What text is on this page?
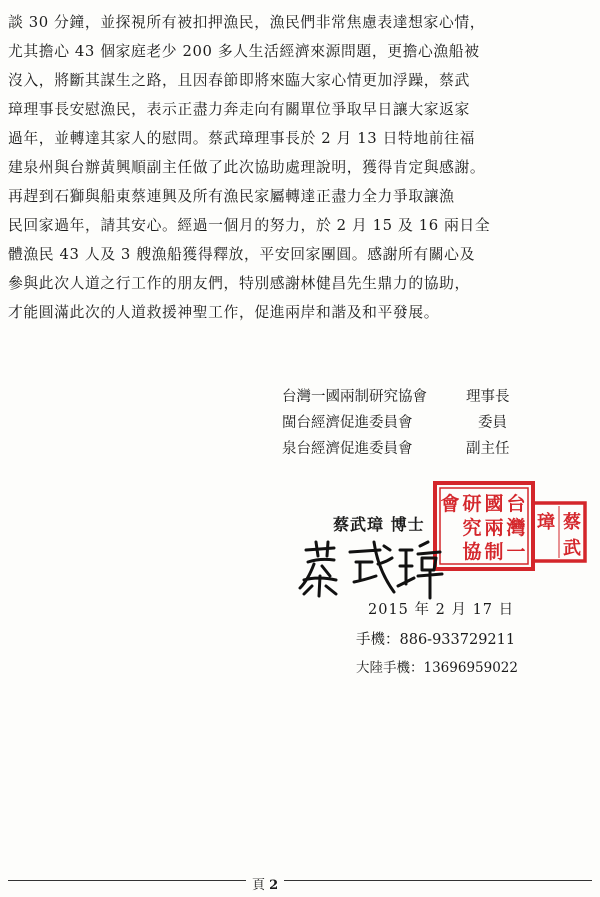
談 30 分鐘，並探視所有被扣押漁民，漁民們非常焦慮表達想家心情，
尤其擔心 43 個家庭老少 200 多人生活經濟來源問題，更擔心漁船被
沒入，將斷其謀生之路，且因春節即將來臨大家心情更加浮躁，蔡武
璋理事長安慰漁民，表示正盡力奔走向有關單位爭取早日讓大家返家
過年，並轉達其家人的慰問。蔡武璋理事長於 2 月 13 日特地前往福
建泉州與台辦黃興順副主任做了此次協助處理說明，獲得肯定與感謝。
再趕到石獅與船東蔡連興及所有漁民家屬轉達正盡力全力爭取讓漁
民回家過年，請其安心。經過一個月的努力，於 2 月 15 及 16 兩日全
體漁民 43 人及 3 艘漁船獲得釋放，平安回家團圓。感謝所有關心及
參與此次人道之行工作的朋友們，特別感謝林健昌先生鼎力的協助，
才能圓滿此次的人道救援神聖工作，促進兩岸和諧及和平發展。
台灣一國兩制研究協會	理事長
閩台經濟促進委員會	委員
泉台經濟促進委員會	副主任
台
灣
一
國
兩
制
研
究
協
會
蔡
武
璋
蔡武璋 博士
2015 年 2 月 17 日
手機：886-933729211
大陸手機：13696959022
頁 2
